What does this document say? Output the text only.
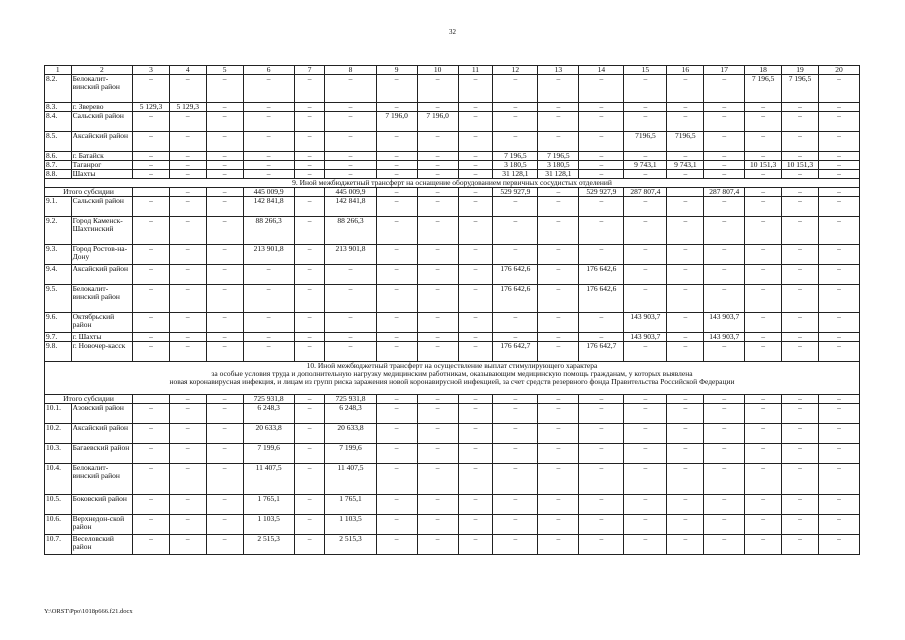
32
1	2	3	4	5	6	7	8	9	10	11	12	13	14	15	16	17	18	19	20
8.2.	Белокалит-винский район	–	–	–	–	–	–	–	–	–	–	–	–	–	–	–	7 196,5	7 196,5	–
8.3.	г. Зверево	5 129,3	5 129,3	–	–	–	–	–	–	–	–	–	–	–	–	–	–	–	–
8.4.	Сальский район	–	–	–	–	–	–	7 196,0	7 196,0	–	–	–	–	–	–	–	–	–	–
8.5.	Аксайский район	–	–	–	–	–	–	–	–	–	–	–	–	7196,5	7196,5	–	–	–	–
8.6.	г. Батайск	–	–	–	–	–	–	–	–	–	7 196,5	7 196,5	–	–	–	–	–	–	–
8.7.	Таганрог	–	–	–	–	–	–	–	–	–	3 180,5	3 180,5	–	9 743,1	9 743,1	–	10 151,3	10 151,3	–
8.8.	Шахты	–	–	–	–	–	–	–	–	–	31 128,1	31 128,1	–	–	–	–	–	–	–

9. Иной межбюджетный трансферт на оснащение оборудованием первичных сосудистых отделений																			

Итого субсидии			–	–	445 009,9		445 009,9	–	–	–	529 927,9	–	529 927,9	287 807,4		287 807,4	–	–	–
9.1.	Сальский район	–	–	–	142 841,8	–	142 841,8	–	–	–	–	–	–	–	–	–	–	–	–
9.2.	Город Каменск-Шахтинский	–	–	–	88 266,3	–	88 266,3	–	–	–	–	–	–	–	–	–	–	–	–
9.3.	Город Ростов-на-Дону	–	–	–	213 901,8	–	213 901,8	–	–	–	–	–	–	–	–	–	–	–	–
9.4.	Аксайский район	–	–	–	–	–	–	–	–	–	176 642,6	–	176 642,6	–	–	–	–	–	–
9.5.	Белокалит-винский район	–	–	–	–	–	–	–	–	–	176 642,6	–	176 642,6	–	–	–	–	–	–
9.6.	Октябрьский район	–	–	–	–	–	–	–	–	–	–	–	–	143 903,7	–	143 903,7	–	–	–
9.7.	г. Шахты	–	–	–	–	–	–	–	–	–	–	–	–	143 903,7	–	143 903,7	–	–	–
9.8.	г. Новочер-касск	–	–	–	–	–	–	–	–	–	176 642,7	–	176 642,7	–	–	–	–	–	–

10. Иной межбюджетный трансферт на осуществление выплат стимулирующего характера
за особые условия труда и дополнительную нагрузку медицинским работникам, оказывающим медицинскую помощь гражданам, у которых выявлена
новая коронавирусная инфекция, и лицам из групп риска заражения новой коронавирусной инфекцией, за счет средств резервного фонда Правительства Российской Федерации																			

Итого субсидии			–	–	725 931,8	–	725 931,8	–	–	–	–	–	–	–	–	–	–	–	–
10.1.	Азовский район	–	–	–	6 248,3	–	6 248,3	–	–	–	–	–	–	–	–	–	–	–	–
10.2.	Аксайский район	–	–	–	20 633,8	–	20 633,8	–	–	–	–	–	–	–	–	–	–	–	–
10.3.	Багаевский район	–	–	–	7 199,6	–	7 199,6	–	–	–	–	–	–	–	–	–	–	–	–
10.4.	Белокалит-винский район	–	–	–	11 407,5	–	11 407,5	–	–	–	–	–	–	–	–	–	–	–	–
10.5.	Боковский район	–	–	–	1 765,1	–	1 765,1	–	–	–	–	–	–	–	–	–	–	–	–
10.6.	Верхнедон-ской район	–	–	–	1 103,5	–	1 103,5	–	–	–	–	–	–	–	–	–	–	–	–
10.7.	Веселовский район	–	–	–	2 515,3	–	2 515,3	–	–	–	–	–	–	–	–	–	–	–	–
Y:\ORST\Ppo\1018p666.f21.docx
